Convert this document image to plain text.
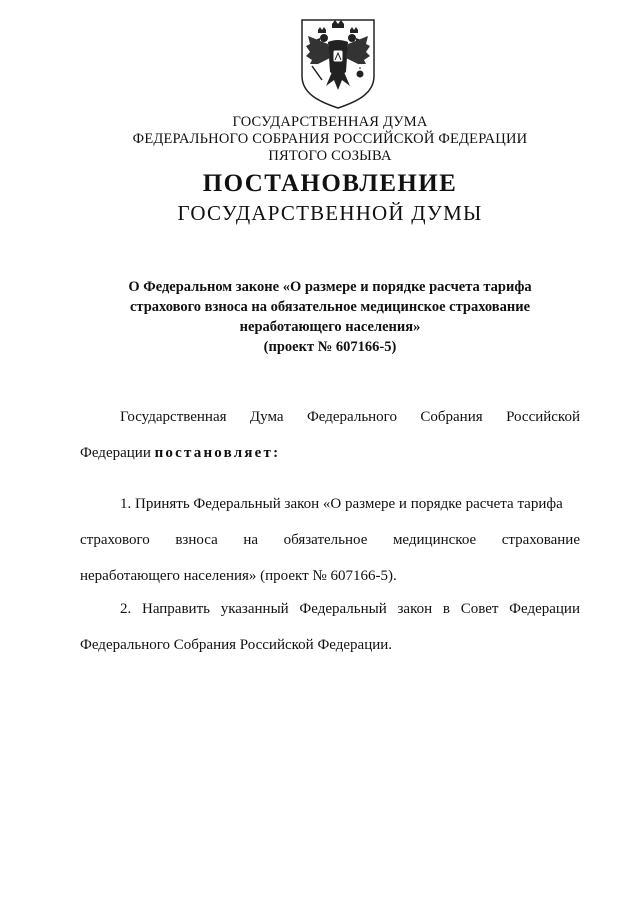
ГОСУДАРСТВЕННАЯ ДУМА
ФЕДЕРАЛЬНОГО СОБРАНИЯ РОССИЙСКОЙ ФЕДЕРАЦИИ
ПЯТОГО СОЗЫВА
ПОСТАНОВЛЕНИЕ
ГОСУДАРСТВЕННОЙ ДУМЫ
О Федеральном законе «О размере и порядке расчета тарифа
страхового взноса на обязательное медицинское страхование
неработающего населения»
(проект № 607166-5)
Государственная Дума Федерального Собрания Российской
Федерации постановляет:
1. Принять Федеральный закон «О размере и порядке расчета тарифа
страхового взноса на обязательное медицинское страхование
неработающего населения» (проект № 607166-5).
2. Направить указанный Федеральный закон в Совет Федерации
Федерального Собрания Российской Федерации.
